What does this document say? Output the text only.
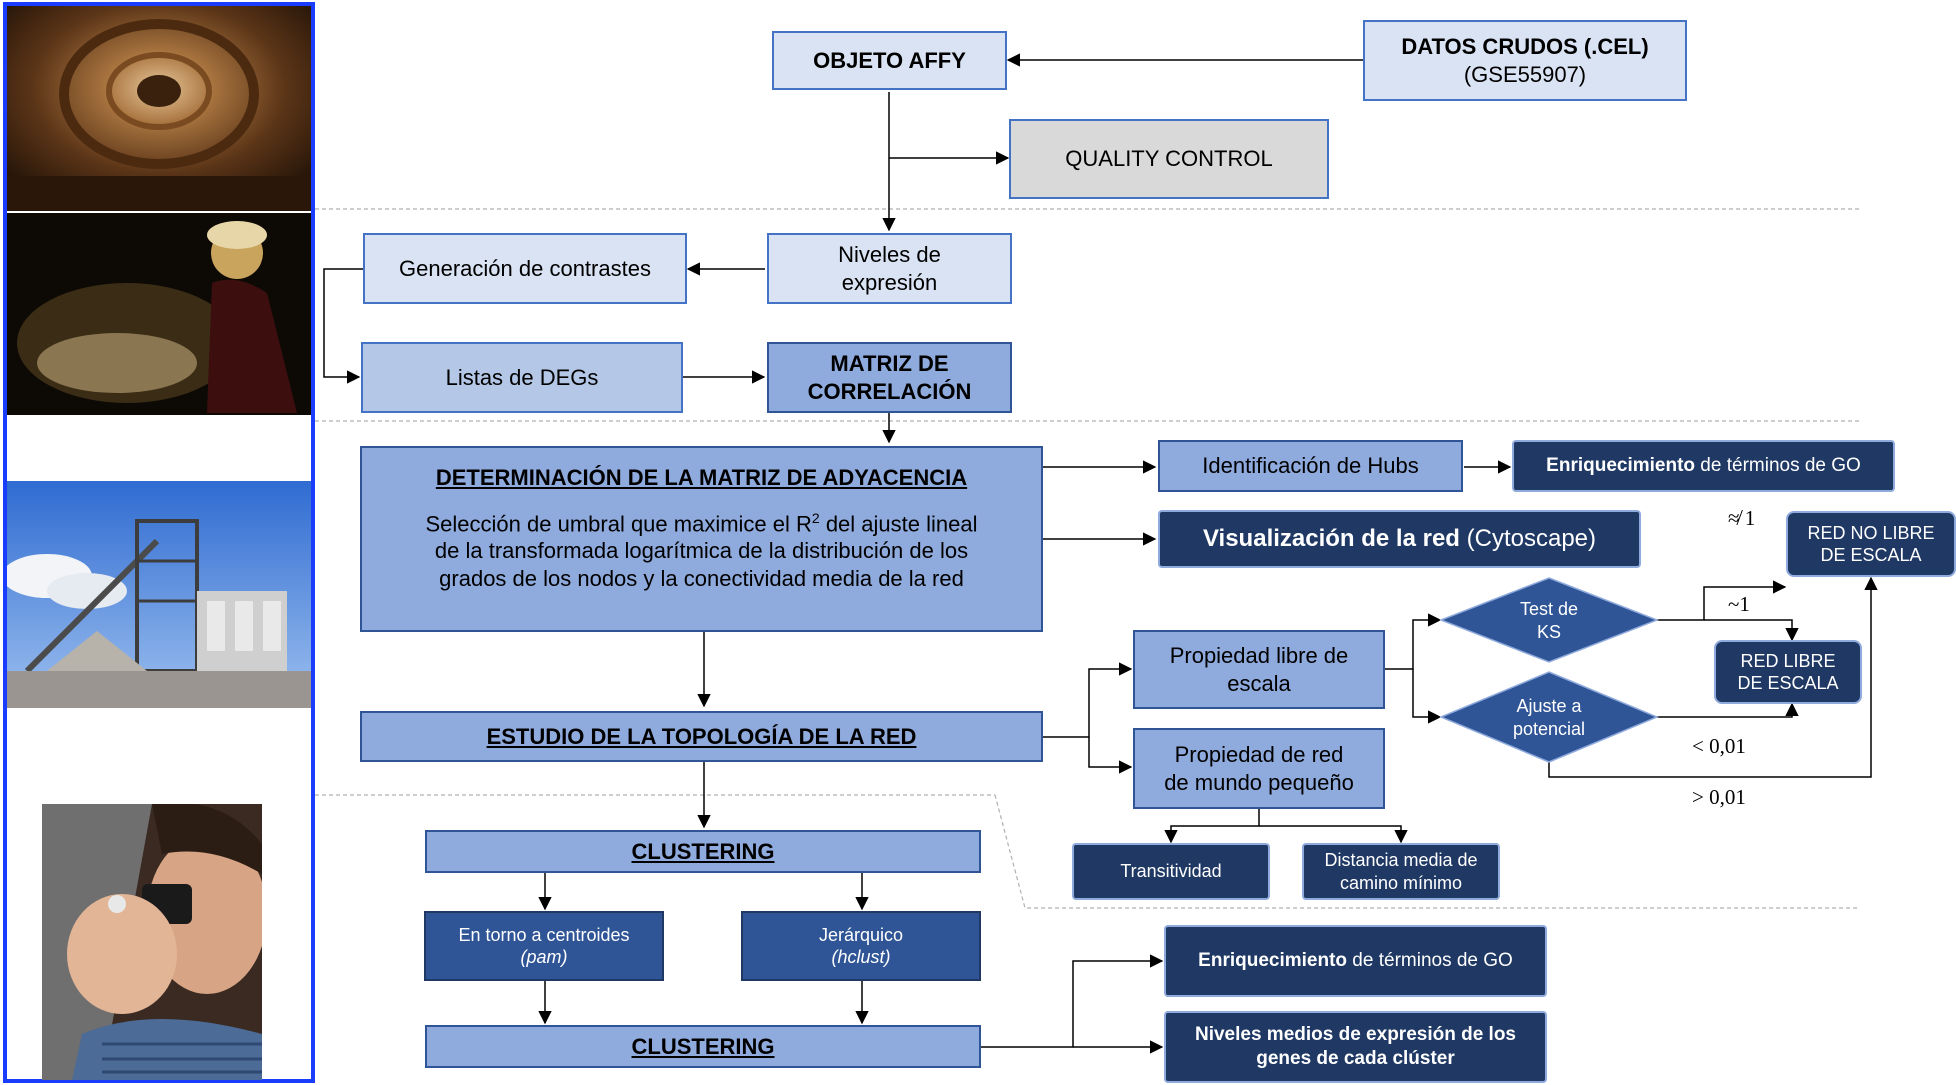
OBJETO AFFY
DATOS CRUDOS (.CEL)
(GSE55907)
QUALITY CONTROL
Niveles de
expresión
Generación de contrastes
Listas de DEGs
MATRIZ DE
CORRELACIÓN
DETERMINACIÓN DE LA MATRIZ DE ADYACENCIA
Selección de umbral que maximice el $R^2$ del ajuste lineal
de la transformada logarítmica de la distribución de los
grados de los nodos y la conectividad media de la red
Identificación de Hubs	Enriquecimiento de términos de GO
Visualización de la red (Cytoscape)
ESTUDIO DE LA TOPOLOGÍA DE LA RED
Propiedad libre de
escala
Propiedad de red
de mundo pequeño
Test de
KS
Ajuste a
potencial
RED NO LIBRE
DE ESCALA
RED LIBRE
DE ESCALA
≉ 1
~1
< 0,01
> 0,01
Transitividad
Distancia media de
camino mínimo
CLUSTERING
En torno a centroides
(pam)
Jerárquico
(hclust)
CLUSTERING
Enriquecimiento de términos de GO
Niveles medios de expresión de los
genes de cada clúster
